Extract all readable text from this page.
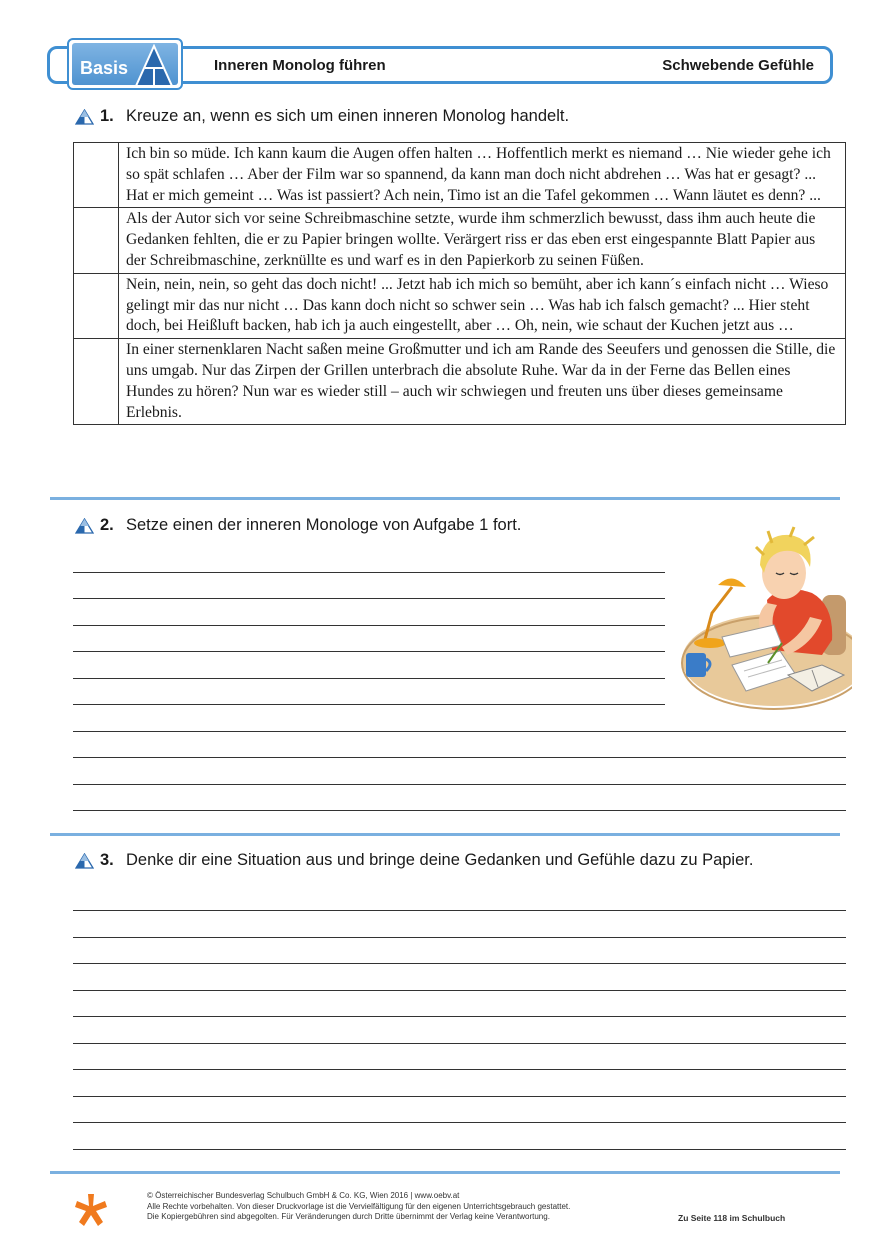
Basis	Inneren Monolog führen	Schwebende Gefühle
1. Kreuze an, wenn es sich um einen inneren Monolog handelt.
	Ich bin so müde. Ich kann kaum die Augen offen halten … Hoffentlich merkt es niemand … Nie wieder gehe ich so spät schlafen … Aber der Film war so spannend, da kann man doch nicht abdrehen … Was hat er gesagt? ... Hat er mich gemeint … Was ist passiert? Ach nein, Timo ist an die Tafel gekommen … Wann läutet es denn? ...
	Als der Autor sich vor seine Schreibmaschine setzte, wurde ihm schmerzlich bewusst, dass ihm auch heute die Gedanken fehlten, die er zu Papier bringen wollte. Verärgert riss er das eben erst eingespannte Blatt Papier aus der Schreibmaschine, zerknüllte es und warf es in den Papierkorb zu seinen Füßen.
	Nein, nein, nein, so geht das doch nicht! ... Jetzt hab ich mich so bemüht, aber ich kann´s einfach nicht … Wieso gelingt mir das nur nicht … Das kann doch nicht so schwer sein … Was hab ich falsch gemacht? ... Hier steht doch, bei Heißluft backen, hab ich ja auch eingestellt, aber … Oh, nein, wie schaut der Kuchen jetzt aus …
	In einer sternenklaren Nacht saßen meine Großmutter und ich am Rande des Seeufers und genossen die Stille, die uns umgab. Nur das Zirpen der Grillen unterbrach die absolute Ruhe. War da in der Ferne das Bellen eines Hundes zu hören? Nun war es wieder still – auch wir schwiegen und freuten uns über dieses gemeinsame Erlebnis.
2. Setze einen der inneren Monologe von Aufgabe 1 fort.
3. Denke dir eine Situation aus und bringe deine Gedanken und Gefühle dazu zu Papier.
© Österreichischer Bundesverlag Schulbuch GmbH & Co. KG, Wien 2016 | www.oebv.at
Alle Rechte vorbehalten. Von dieser Druckvorlage ist die Vervielfältigung für den eigenen Unterrichtsgebrauch gestattet.
Die Kopiergebühren sind abgegolten. Für Veränderungen durch Dritte übernimmt der Verlag keine Verantwortung.	Zu Seite 118 im Schulbuch
